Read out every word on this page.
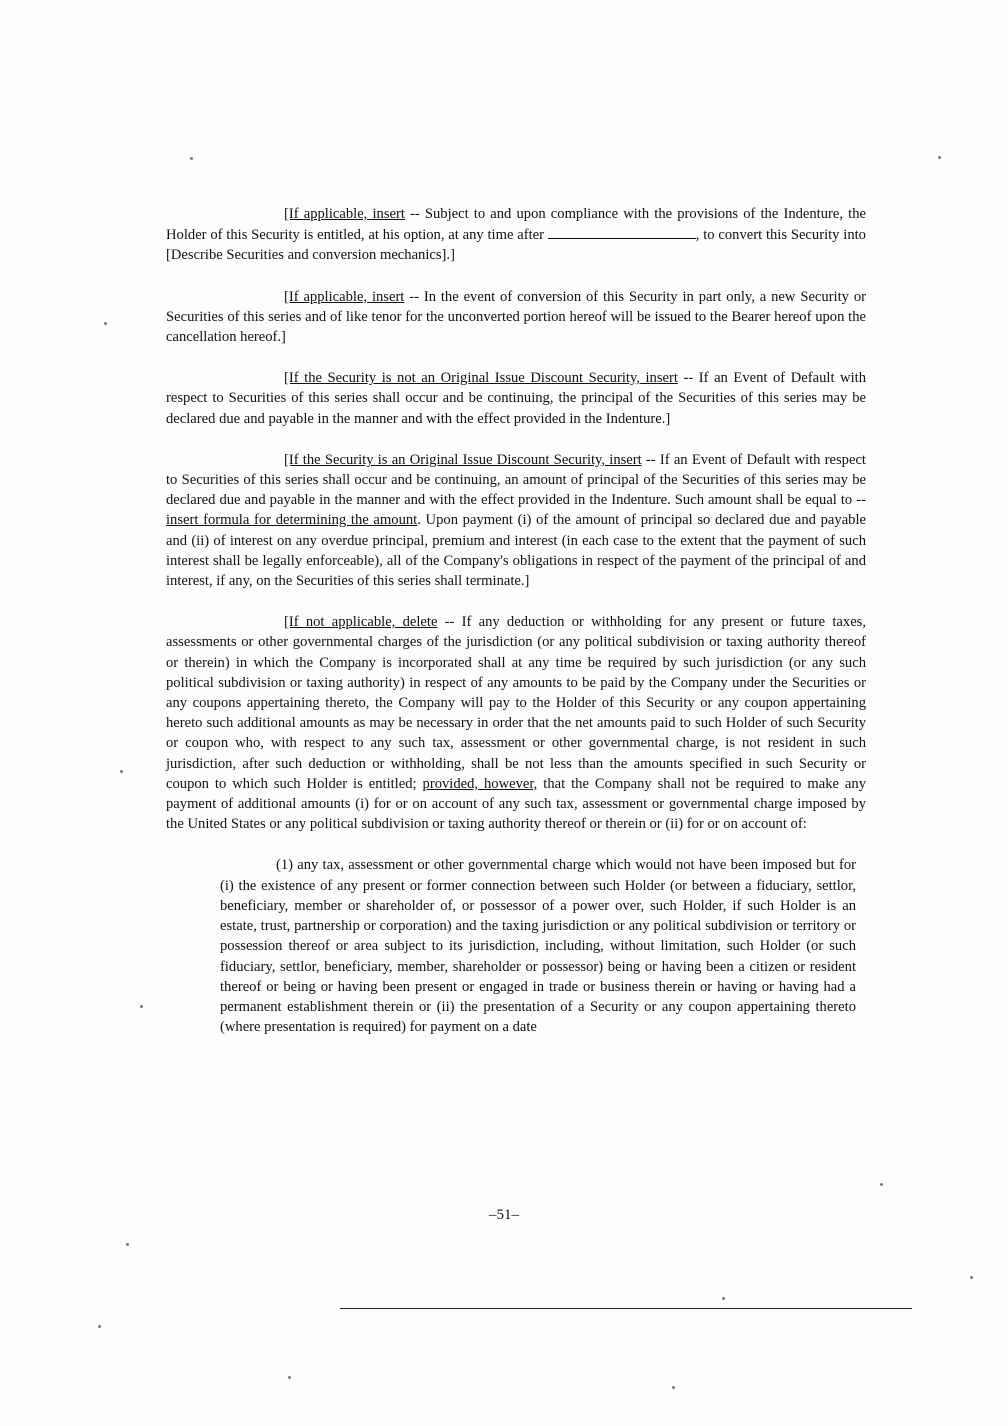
[If applicable, insert -- Subject to and upon compliance with the provisions of the Indenture, the Holder of this Security is entitled, at his option, at any time after	, to convert this Security into [Describe Securities and conversion mechanics].]

[If applicable, insert -- In the event of conversion of this Security in part only, a new Security or Securities of this series and of like tenor for the unconverted portion hereof will be issued to the Bearer hereof upon the cancellation hereof.]

[If the Security is not an Original Issue Discount Security, insert -- If an Event of Default with respect to Securities of this series shall occur and be continuing, the principal of the Securities of this series may be declared due and payable in the manner and with the effect provided in the Indenture.]

[If the Security is an Original Issue Discount Security, insert -- If an Event of Default with respect to Securities of this series shall occur and be continuing, an amount of principal of the Securities of this series may be declared due and payable in the manner and with the effect provided in the Indenture. Such amount shall be equal to -- insert formula for determining the amount. Upon payment (i) of the amount of principal so declared due and payable and (ii) of interest on any overdue principal, premium and interest (in each case to the extent that the payment of such interest shall be legally enforceable), all of the Company's obligations in respect of the payment of the principal of and interest, if any, on the Securities of this series shall terminate.]

[If not applicable, delete -- If any deduction or withholding for any present or future taxes, assessments or other governmental charges of the jurisdiction (or any political subdivision or taxing authority thereof or therein) in which the Company is incorporated shall at any time be required by such jurisdiction (or any such political subdivision or taxing authority) in respect of any amounts to be paid by the Company under the Securities or any coupons appertaining thereto, the Company will pay to the Holder of this Security or any coupon appertaining hereto such additional amounts as may be necessary in order that the net amounts paid to such Holder of such Security or coupon who, with respect to any such tax, assessment or other governmental charge, is not resident in such jurisdiction, after such deduction or withholding, shall be not less than the amounts specified in such Security or coupon to which such Holder is entitled; provided, however, that the Company shall not be required to make any payment of additional amounts (i) for or on account of any such tax, assessment or governmental charge imposed by the United States or any political subdivision or taxing authority thereof or therein or (ii) for or on account of:

(1) any tax, assessment or other governmental charge which would not have been imposed but for (i) the existence of any present or former connection between such Holder (or between a fiduciary, settlor, beneficiary, member or shareholder of, or possessor of a power over, such Holder, if such Holder is an estate, trust, partnership or corporation) and the taxing jurisdiction or any political subdivision or territory or possession thereof or area subject to its jurisdiction, including, without limitation, such Holder (or such fiduciary, settlor, beneficiary, member, shareholder or possessor) being or having been a citizen or resident thereof or being or having been present or engaged in trade or business therein or having or having had a permanent establishment therein or (ii) the presentation of a Security or any coupon appertaining thereto (where presentation is required) for payment on a date

–51–
